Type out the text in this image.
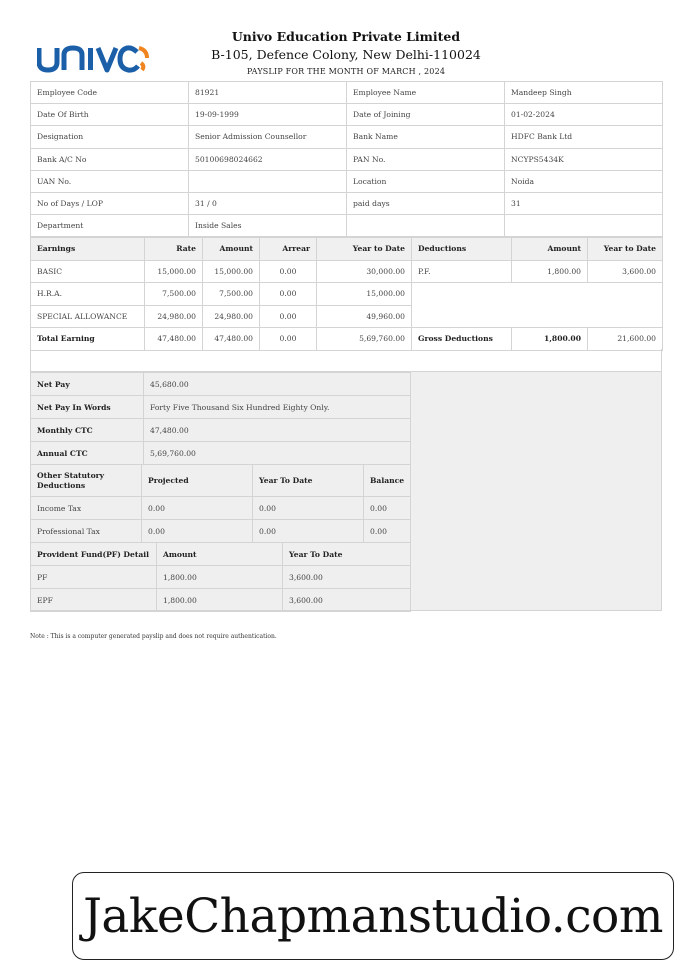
Univo Education Private Limited
B-105, Defence Colony, New Delhi-110024
PAYSLIP FOR THE MONTH OF MARCH , 2024
Employee Code	81921	Employee Name	Mandeep Singh
Date Of Birth	19-09-1999	Date of Joining	01-02-2024
Designation	Senior Admission Counsellor	Bank Name	HDFC Bank Ltd
Bank A/C No	50100698024662	PAN No.	NCYPS5434K
UAN No.		Location	Noida
No of Days / LOP	31 / 0	paid days	31
Department	Inside Sales		
Earnings	Rate	Amount	Arrear	Year to Date	Deductions	Amount	Year to Date
BASIC	15,000.00	15,000.00	0.00	30,000.00	P.F.	1,800.00	3,600.00
H.R.A.	7,500.00	7,500.00	0.00	15,000.00			
SPECIAL ALLOWANCE	24,980.00	24,980.00	0.00	49,960.00			
Total Earning	47,480.00	47,480.00	0.00	5,69,760.00	Gross Deductions	1,800.00	21,600.00
Net Pay	45,680.00
Net Pay In Words	Forty Five Thousand Six Hundred Eighty Only.
Monthly CTC	47,480.00
Annual CTC	5,69,760.00
Other Statutory Deductions	Projected	Year To Date	Balance
Income Tax	0.00	0.00	0.00
Professional Tax	0.00	0.00	0.00
Provident Fund(PF) Detail	Amount	Year To Date
PF	1,800.00	3,600.00
EPF	1,800.00	3,600.00
Note : This is a computer generated payslip and does not require authentication.
JakeChapmanstudio.com
